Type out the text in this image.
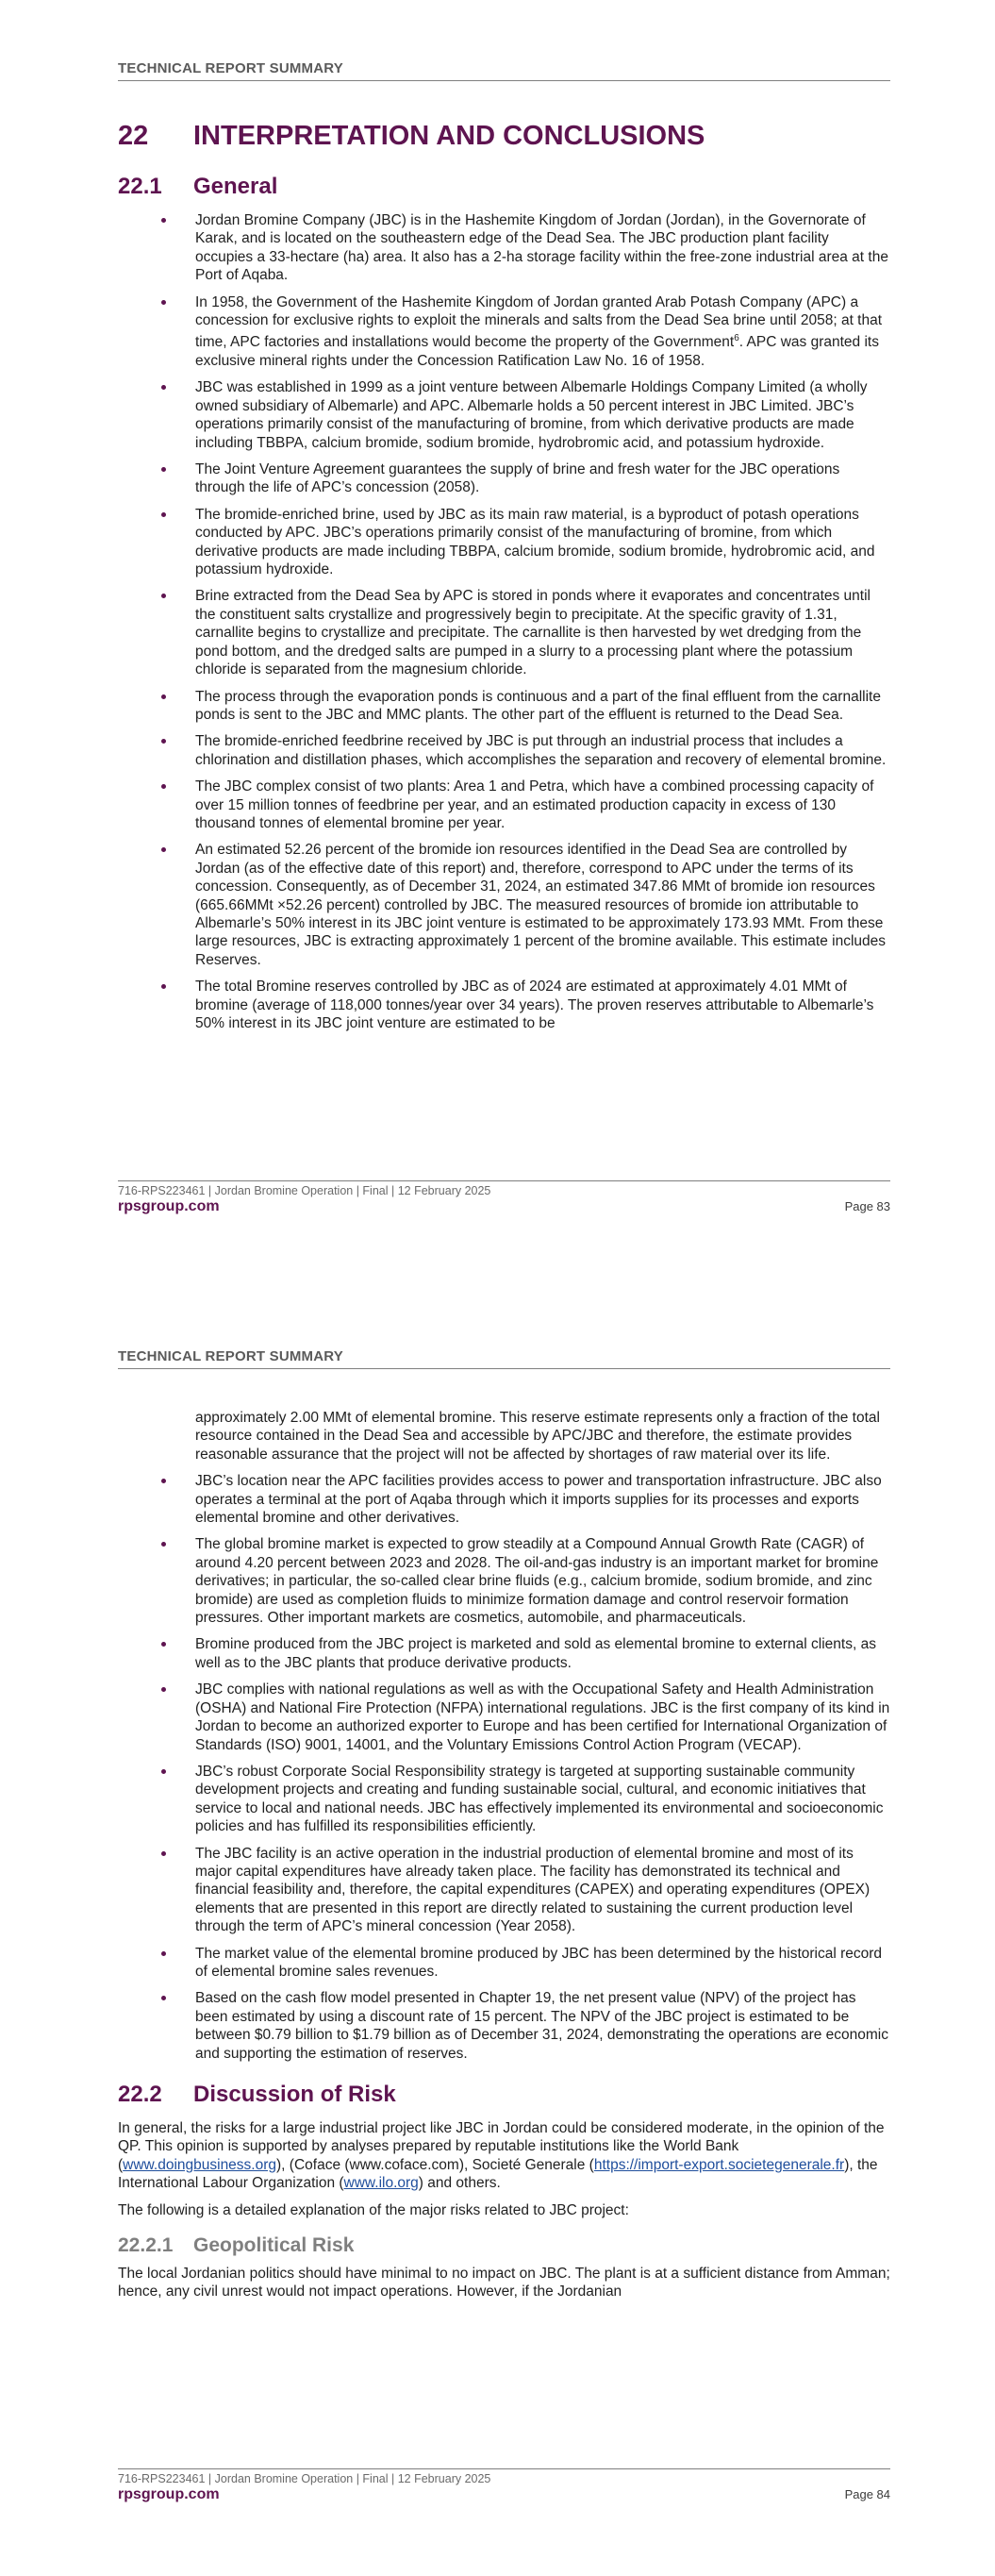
TECHNICAL REPORT SUMMARY
22 INTERPRETATION AND CONCLUSIONS
22.1 General
Jordan Bromine Company (JBC) is in the Hashemite Kingdom of Jordan (Jordan), in the Governorate of Karak, and is located on the southeastern edge of the Dead Sea. The JBC production plant facility occupies a 33-hectare (ha) area. It also has a 2-ha storage facility within the free-zone industrial area at the Port of Aqaba.
In 1958, the Government of the Hashemite Kingdom of Jordan granted Arab Potash Company (APC) a concession for exclusive rights to exploit the minerals and salts from the Dead Sea brine until 2058; at that time, APC factories and installations would become the property of the Government$^6$. APC was granted its exclusive mineral rights under the Concession Ratification Law No. 16 of 1958.
JBC was established in 1999 as a joint venture between Albemarle Holdings Company Limited (a wholly owned subsidiary of Albemarle) and APC. Albemarle holds a 50 percent interest in JBC Limited. JBC’s operations primarily consist of the manufacturing of bromine, from which derivative products are made including TBBPA, calcium bromide, sodium bromide, hydrobromic acid, and potassium hydroxide.
The Joint Venture Agreement guarantees the supply of brine and fresh water for the JBC operations through the life of APC’s concession (2058).
The bromide-enriched brine, used by JBC as its main raw material, is a byproduct of potash operations conducted by APC. JBC’s operations primarily consist of the manufacturing of bromine, from which derivative products are made including TBBPA, calcium bromide, sodium bromide, hydrobromic acid, and potassium hydroxide.
Brine extracted from the Dead Sea by APC is stored in ponds where it evaporates and concentrates until the constituent salts crystallize and progressively begin to precipitate. At the specific gravity of 1.31, carnallite begins to crystallize and precipitate. The carnallite is then harvested by wet dredging from the pond bottom, and the dredged salts are pumped in a slurry to a processing plant where the potassium chloride is separated from the magnesium chloride.
The process through the evaporation ponds is continuous and a part of the final effluent from the carnallite ponds is sent to the JBC and MMC plants. The other part of the effluent is returned to the Dead Sea.
The bromide-enriched feedbrine received by JBC is put through an industrial process that includes a chlorination and distillation phases, which accomplishes the separation and recovery of elemental bromine.
The JBC complex consist of two plants: Area 1 and Petra, which have a combined processing capacity of over 15 million tonnes of feedbrine per year, and an estimated production capacity in excess of 130 thousand tonnes of elemental bromine per year.
An estimated 52.26 percent of the bromide ion resources identified in the Dead Sea are controlled by Jordan (as of the effective date of this report) and, therefore, correspond to APC under the terms of its concession. Consequently, as of December 31, 2024, an estimated 347.86 MMt of bromide ion resources (665.66MMt ×52.26 percent) controlled by JBC. The measured resources of bromide ion attributable to Albemarle’s 50% interest in its JBC joint venture is estimated to be approximately 173.93 MMt. From these large resources, JBC is extracting approximately 1 percent of the bromine available. This estimate includes Reserves.
The total Bromine reserves controlled by JBC as of 2024 are estimated at approximately 4.01 MMt of bromine (average of 118,000 tonnes/year over 34 years). The proven reserves attributable to Albemarle’s 50% interest in its JBC joint venture are estimated to be
716-RPS223461 | Jordan Bromine Operation | Final | 12 February 2025
rpsgroup.com	Page 83
TECHNICAL REPORT SUMMARY
approximately 2.00 MMt of elemental bromine. This reserve estimate represents only a fraction of the total resource contained in the Dead Sea and accessible by APC/JBC and therefore, the estimate provides reasonable assurance that the project will not be affected by shortages of raw material over its life.
JBC’s location near the APC facilities provides access to power and transportation infrastructure. JBC also operates a terminal at the port of Aqaba through which it imports supplies for its processes and exports elemental bromine and other derivatives.
The global bromine market is expected to grow steadily at a Compound Annual Growth Rate (CAGR) of around 4.20 percent between 2023 and 2028. The oil-and-gas industry is an important market for bromine derivatives; in particular, the so-called clear brine fluids (e.g., calcium bromide, sodium bromide, and zinc bromide) are used as completion fluids to minimize formation damage and control reservoir formation pressures. Other important markets are cosmetics, automobile, and pharmaceuticals.
Bromine produced from the JBC project is marketed and sold as elemental bromine to external clients, as well as to the JBC plants that produce derivative products.
JBC complies with national regulations as well as with the Occupational Safety and Health Administration (OSHA) and National Fire Protection (NFPA) international regulations. JBC is the first company of its kind in Jordan to become an authorized exporter to Europe and has been certified for International Organization of Standards (ISO) 9001, 14001, and the Voluntary Emissions Control Action Program (VECAP).
JBC’s robust Corporate Social Responsibility strategy is targeted at supporting sustainable community development projects and creating and funding sustainable social, cultural, and economic initiatives that service to local and national needs. JBC has effectively implemented its environmental and socioeconomic policies and has fulfilled its responsibilities efficiently.
The JBC facility is an active operation in the industrial production of elemental bromine and most of its major capital expenditures have already taken place. The facility has demonstrated its technical and financial feasibility and, therefore, the capital expenditures (CAPEX) and operating expenditures (OPEX) elements that are presented in this report are directly related to sustaining the current production level through the term of APC’s mineral concession (Year 2058).
The market value of the elemental bromine produced by JBC has been determined by the historical record of elemental bromine sales revenues.
Based on the cash flow model presented in Chapter 19, the net present value (NPV) of the project has been estimated by using a discount rate of 15 percent. The NPV of the JBC project is estimated to be between $0.79 billion to $1.79 billion as of December 31, 2024, demonstrating the operations are economic and supporting the estimation of reserves.
22.2 Discussion of Risk

In general, the risks for a large industrial project like JBC in Jordan could be considered moderate, in the opinion of the QP. This opinion is supported by analyses prepared by reputable institutions like the World Bank (www.doingbusiness.org), (Coface (www.coface.com), Societé Generale (https://import-export.societegenerale.fr), the International Labour Organization (www.ilo.org) and others.

The following is a detailed explanation of the major risks related to JBC project:

22.2.1 Geopolitical Risk

The local Jordanian politics should have minimal to no impact on JBC. The plant is at a sufficient distance from Amman; hence, any civil unrest would not impact operations. However, if the Jordanian

716-RPS223461 | Jordan Bromine Operation | Final | 12 February 2025
rpsgroup.com	Page 84
